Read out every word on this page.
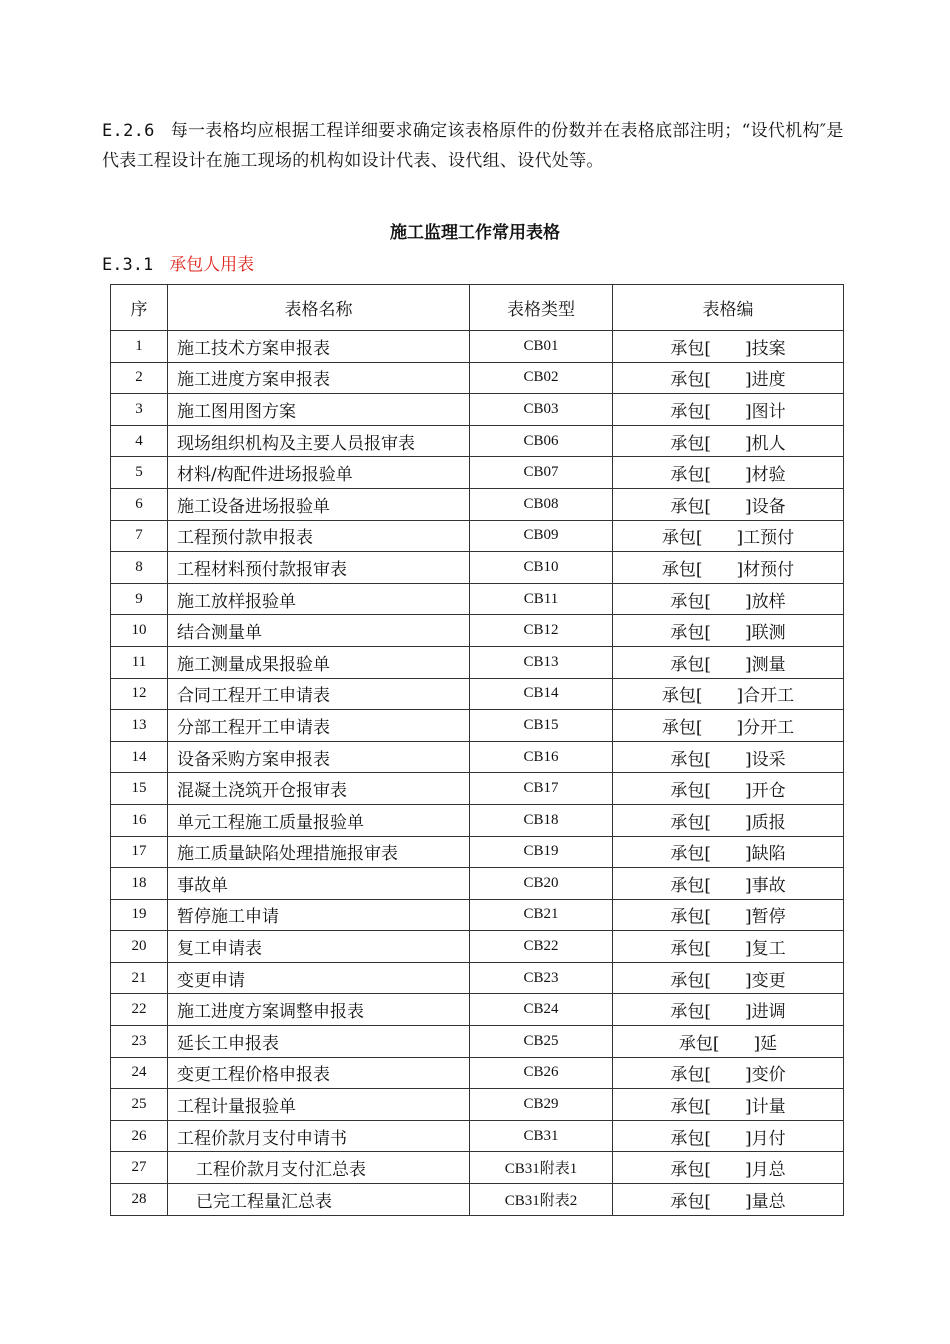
E.2.6 每一表格均应根据工程详细要求确定该表格原件的份数并在表格底部注明；“设代机构″是代表工程设计在施工现场的机构如设计代表、设代组、设代处等。
施工监理工作常用表格
E.3.1 承包人用表
序	表格名称	表格类型	表格编
1	施工技术方案申报表	CB01	承包[　　]技案
2	施工进度方案申报表	CB02	承包[　　]进度
3	施工图用图方案	CB03	承包[　　]图计
4	现场组织机构及主要人员报审表	CB06	承包[　　]机人
5	材料/构配件进场报验单	CB07	承包[　　]材验
6	施工设备进场报验单	CB08	承包[　　]设备
7	工程预付款申报表	CB09	承包[　　]工预付
8	工程材料预付款报审表	CB10	承包[　　]材预付
9	施工放样报验单	CB11	承包[　　]放样
10	结合测量单	CB12	承包[　　]联测
11	施工测量成果报验单	CB13	承包[　　]测量
12	合同工程开工申请表	CB14	承包[　　]合开工
13	分部工程开工申请表	CB15	承包[　　]分开工
14	设备采购方案申报表	CB16	承包[　　]设采
15	混凝土浇筑开仓报审表	CB17	承包[　　]开仓
16	单元工程施工质量报验单	CB18	承包[　　]质报
17	施工质量缺陷处理措施报审表	CB19	承包[　　]缺陷
18	事故单	CB20	承包[　　]事故
19	暂停施工申请	CB21	承包[　　]暂停
20	复工申请表	CB22	承包[　　]复工
21	变更申请	CB23	承包[　　]变更
22	施工进度方案调整申报表	CB24	承包[　　]进调
23	延长工申报表	CB25	承包[　　]延
24	变更工程价格申报表	CB26	承包[　　]变价
25	工程计量报验单	CB29	承包[　　]计量
26	工程价款月支付申请书	CB31	承包[　　]月付
27	工程价款月支付汇总表	CB31附表1	承包[　　]月总
28	已完工程量汇总表	CB31附表2	承包[　　]量总
